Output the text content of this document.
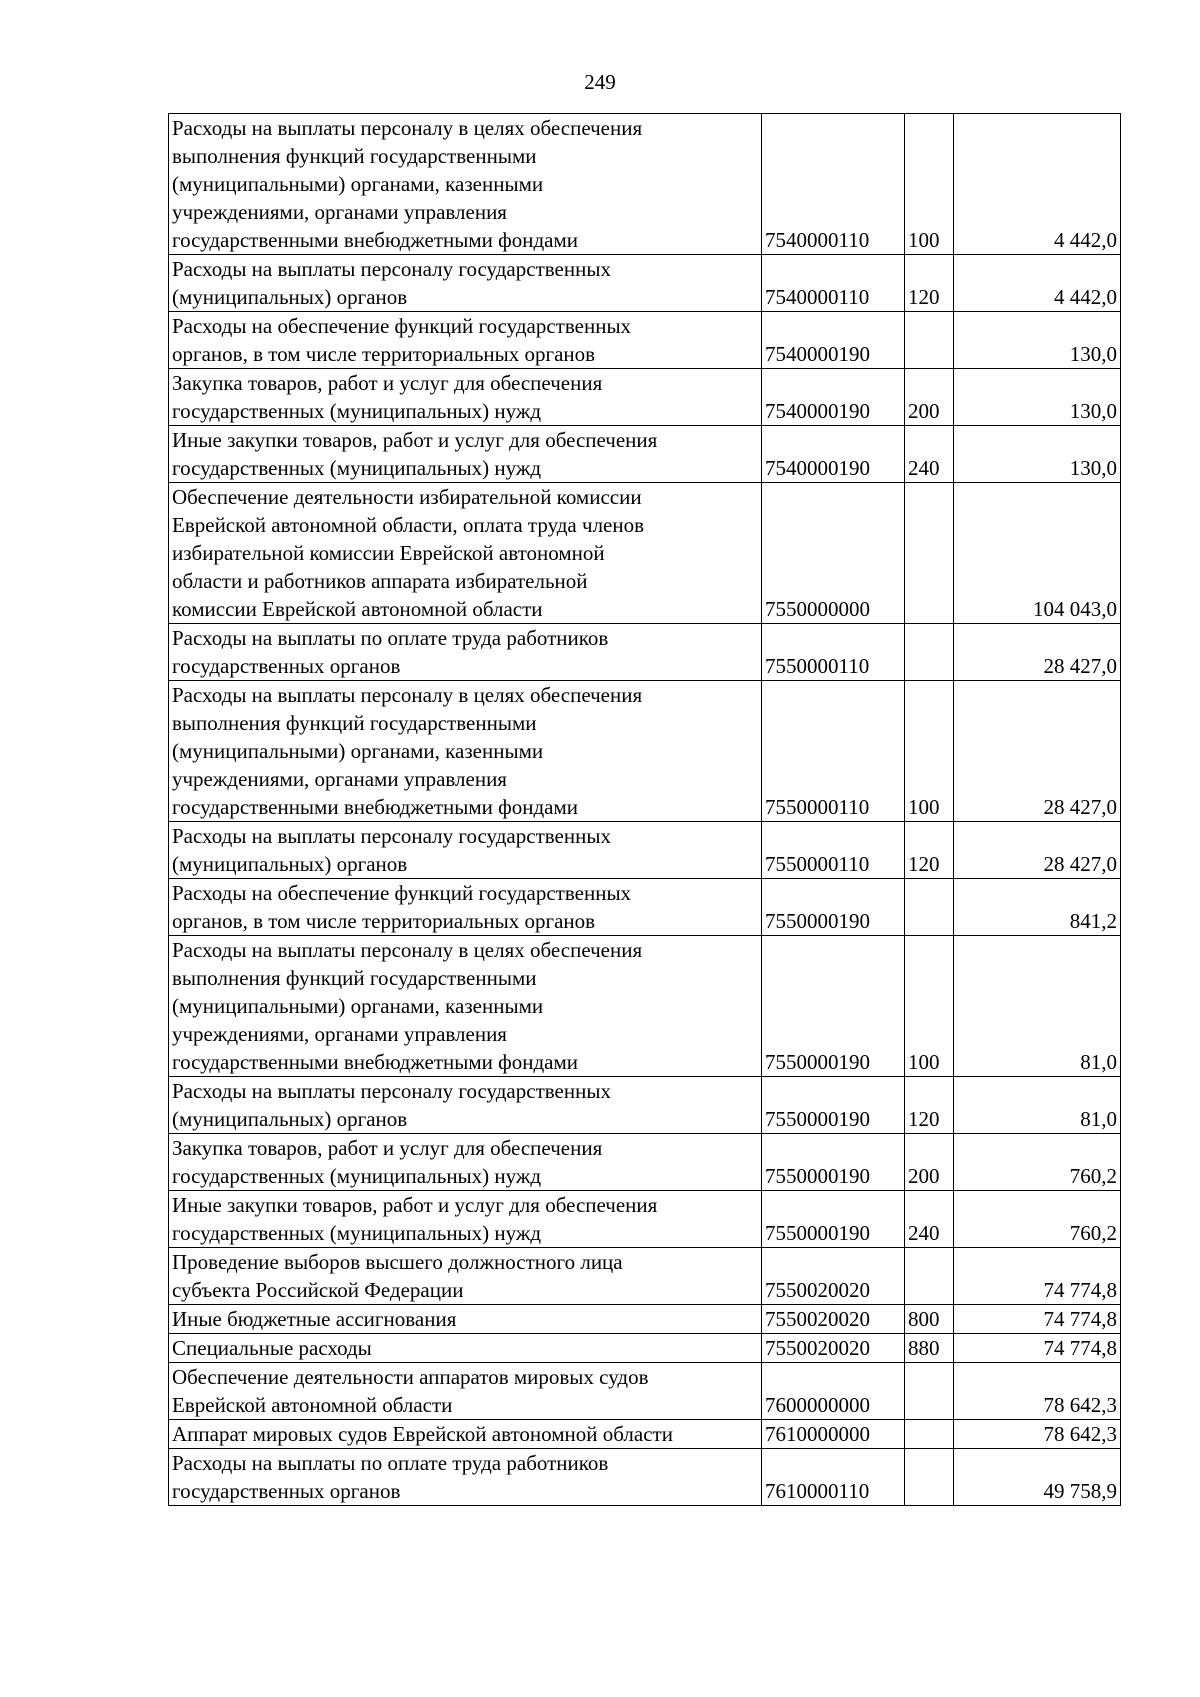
249
Расходы на выплаты персоналу в целях обеспечения
выполнения функций государственными
(муниципальными) органами, казенными
учреждениями, органами управления
государственными внебюджетными фондами	7540000110	100	4 442,0
Расходы на выплаты персоналу государственных
(муниципальных) органов	7540000110	120	4 442,0
Расходы на обеспечение функций государственных
органов, в том числе территориальных органов	7540000190		130,0
Закупка товаров, работ и услуг для обеспечения
государственных (муниципальных) нужд	7540000190	200	130,0
Иные закупки товаров, работ и услуг для обеспечения
государственных (муниципальных) нужд	7540000190	240	130,0
Обеспечение деятельности избирательной комиссии
Еврейской автономной области, оплата труда членов
избирательной комиссии Еврейской автономной
области и работников аппарата избирательной
комиссии Еврейской автономной области	7550000000		104 043,0
Расходы на выплаты по оплате труда работников
государственных органов	7550000110		28 427,0
Расходы на выплаты персоналу в целях обеспечения
выполнения функций государственными
(муниципальными) органами, казенными
учреждениями, органами управления
государственными внебюджетными фондами	7550000110	100	28 427,0
Расходы на выплаты персоналу государственных
(муниципальных) органов	7550000110	120	28 427,0
Расходы на обеспечение функций государственных
органов, в том числе территориальных органов	7550000190		841,2
Расходы на выплаты персоналу в целях обеспечения
выполнения функций государственными
(муниципальными) органами, казенными
учреждениями, органами управления
государственными внебюджетными фондами	7550000190	100	81,0
Расходы на выплаты персоналу государственных
(муниципальных) органов	7550000190	120	81,0
Закупка товаров, работ и услуг для обеспечения
государственных (муниципальных) нужд	7550000190	200	760,2
Иные закупки товаров, работ и услуг для обеспечения
государственных (муниципальных) нужд	7550000190	240	760,2
Проведение выборов высшего должностного лица
субъекта Российской Федерации	7550020020		74 774,8
Иные бюджетные ассигнования	7550020020	800	74 774,8
Специальные расходы	7550020020	880	74 774,8
Обеспечение деятельности аппаратов мировых судов
Еврейской автономной области	7600000000		78 642,3
Аппарат мировых судов Еврейской автономной области	7610000000		78 642,3
Расходы на выплаты по оплате труда работников
государственных органов	7610000110		49 758,9
